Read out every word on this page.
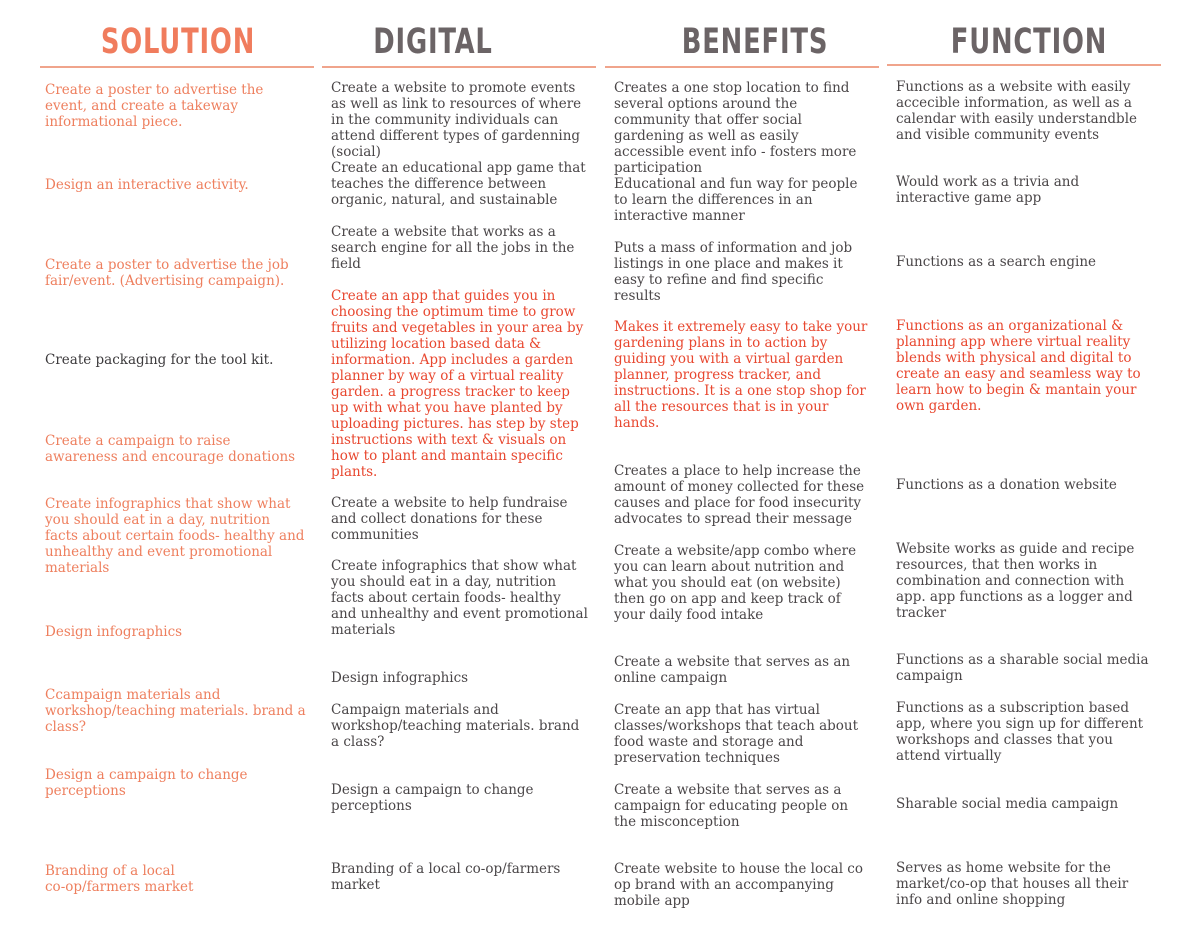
SOLUTION

Create a poster to advertise the event, and create a takeway informational piece.

Design an interactive activity.

Create a poster to advertise the job fair/event. (Advertising campaign).

Create packaging for the tool kit.

Create a campaign to raise awareness and encourage donations

Create infographics that show what you should eat in a day, nutrition facts about certain foods- healthy and unhealthy and event promotional materials

Design infographics

Ccampaign materials and workshop/teaching materials. brand a class?

Design a campaign to change perceptions

Branding of a local
co-op/farmers market

DIGITAL

Create a website to promote events as well as link to resources of where in the community individuals can attend different types of gardenning (social)

Create an educational app game that teaches the difference between organic, natural, and sustainable

Create a website that works as a search engine for all the jobs in the field

Create an app that guides you in choosing the optimum time to grow fruits and vegetables in your area by utilizing location based data & information. App includes a garden planner by way of a virtual reality garden. a progress tracker to keep up with what you have planted by uploading pictures. has step by step instructions with text & visuals on how to plant and mantain specific plants.

Create a website to help fundraise and collect donations for these communities

Create infographics that show what you should eat in a day, nutrition facts about certain foods- healthy and unhealthy and event promotional materials

Design infographics

Campaign materials and workshop/teaching materials. brand a class?

Design a campaign to change perceptions

Branding of a local co-op/farmers market

BENEFITS

Creates a one stop location to find several options around the community that offer social gardening as well as easily accessible event info - fosters more participation

Educational and fun way for people to learn the differences in an interactive manner

Puts a mass of information and job listings in one place and makes it easy to refine and find specific results

Makes it extremely easy to take your gardening plans in to action by guiding you with a virtual garden planner, progress tracker, and instructions. It is a one stop shop for all the resources that is in your hands.

Creates a place to help increase the amount of money collected for these causes and place for food insecurity advocates to spread their message

Create a website/app combo where you can learn about nutrition and what you should eat (on website) then go on app and keep track of your daily food intake

Create a website that serves as an online campaign

Create an app that has virtual classes/workshops that teach about food waste and storage and preservation techniques

Create a website that serves as a campaign for educating people on the misconception

Create website to house the local co op brand with an accompanying mobile app

FUNCTION

Functions as a website with easily accecible information, as well as a calendar with easily understandble and visible community events

Would work as a trivia and interactive game app

Functions as a search engine

Functions as an organizational & planning app where virtual reality blends with physical and digital to create an easy and seamless way to learn how to begin & mantain your own garden.

Functions as a donation website

Website works as guide and recipe resources, that then works in combination and connection with app. app functions as a logger and tracker

Functions as a sharable social media campaign

Functions as a subscription based app, where you sign up for different workshops and classes that you attend virtually

Sharable social media campaign

Serves as home website for the market/co-op that houses all their info and online shopping
